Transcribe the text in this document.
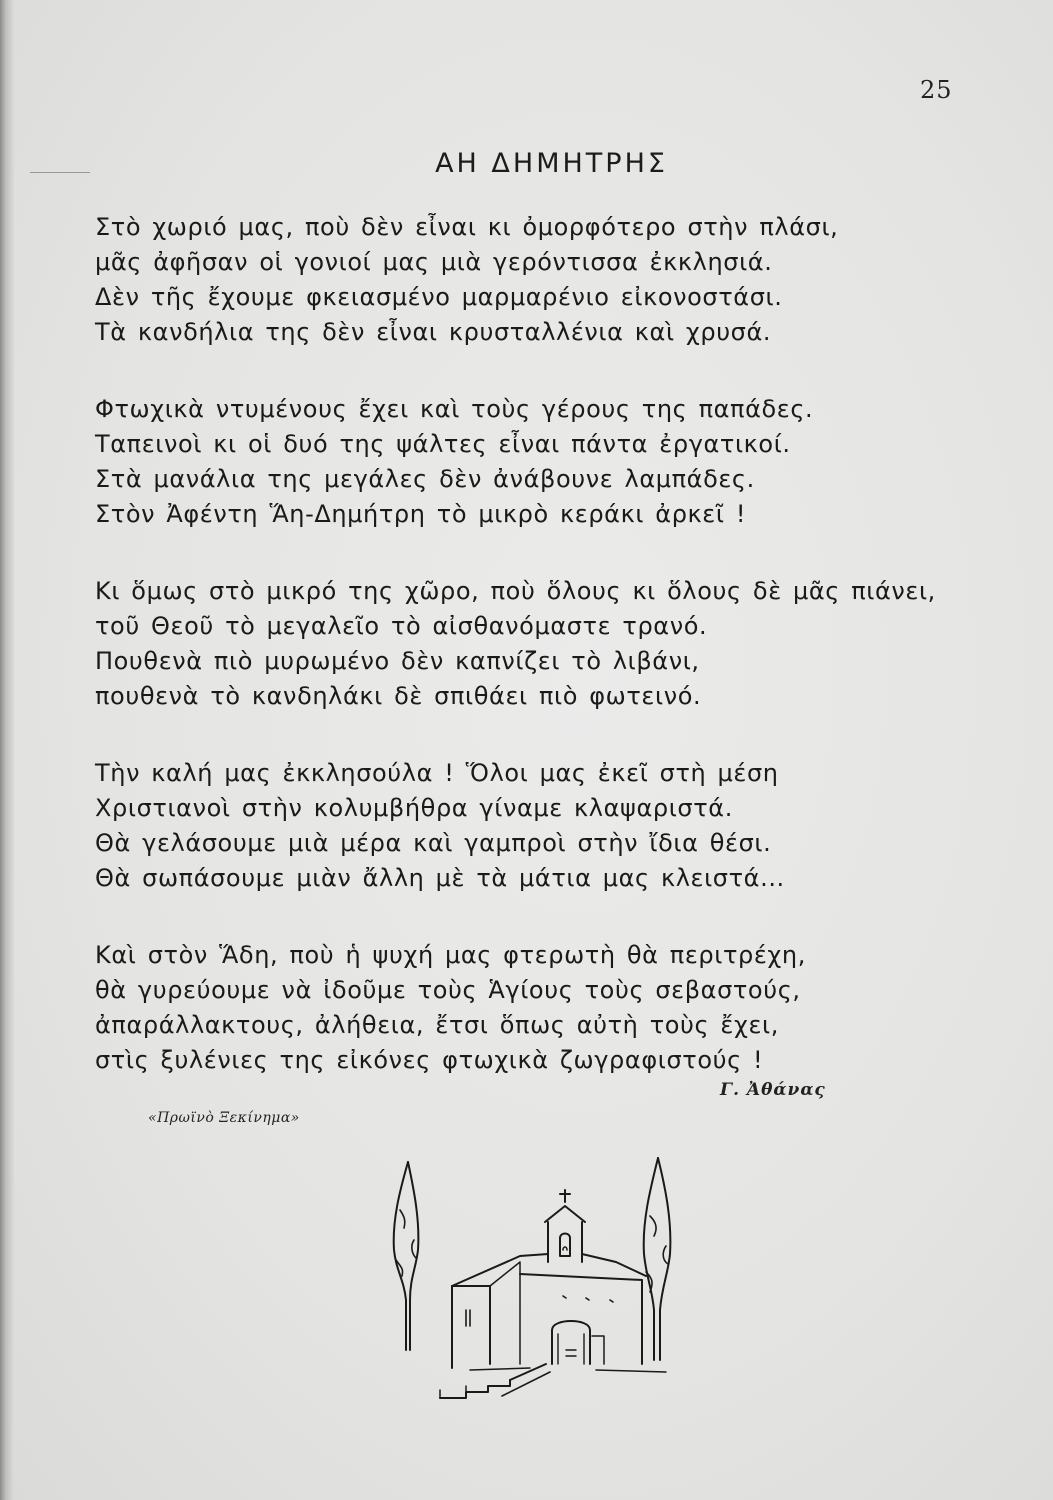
25
ΑΗ ΔΗΜΗΤΡΗΣ
Στὸ χωριό μας, ποὺ δὲν εἶναι κι ὀμορφότερο στὴν πλάσι,
μᾶς ἀφῆσαν οἱ γονιοί μας μιὰ γερόντισσα ἐκκλησιά.
Δὲν τῆς ἔχουμε φκειασμένο μαρμαρένιο εἰκονοστάσι.
Τὰ κανδήλια της δὲν εἶναι κρυσταλλένια καὶ χρυσά.
Φτωχικὰ ντυμένους ἔχει καὶ τοὺς γέρους της παπάδες.
Ταπεινοὶ κι οἱ δυό της ψάλτες εἶναι πάντα ἐργατικοί.
Στὰ μανάλια της μεγάλες δὲν ἀνάβουνε λαμπάδες.
Στὸν Ἀφέντη Ἅη-Δημήτρη τὸ μικρὸ κεράκι ἀρκεῖ !
Κι ὅμως στὸ μικρό της χῶρο, ποὺ ὅλους κι ὅλους δὲ μᾶς πιάνει,
τοῦ Θεοῦ τὸ μεγαλεῖο τὸ αἰσθανόμαστε τρανό.
Πουθενὰ πιὸ μυρωμένο δὲν καπνίζει τὸ λιβάνι,
πουθενὰ τὸ κανδηλάκι δὲ σπιθάει πιὸ φωτεινό.
Τὴν καλή μας ἐκκλησούλα ! Ὅλοι μας ἐκεῖ στὴ μέση
Χριστιανοὶ στὴν κολυμβήθρα γίναμε κλαψαριστά.
Θὰ γελάσουμε μιὰ μέρα καὶ γαμπροὶ στὴν ἴδια θέσι.
Θὰ σωπάσουμε μιὰν ἄλλη μὲ τὰ μάτια μας κλειστά...
Καὶ στὸν Ἅδη, ποὺ ἡ ψυχή μας φτερωτὴ θὰ περιτρέχη,
θὰ γυρεύουμε νὰ ἰδοῦμε τοὺς Ἁγίους τοὺς σεβαστούς,
ἀπαράλλακτους, ἀλήθεια, ἔτσι ὅπως αὐτὴ τοὺς ἔχει,
στὶς ξυλένιες της εἰκόνες φτωχικὰ ζωγραφιστούς !
Γ. Ἀθάνας
«Πρωϊνὸ Ξεκίνημα»
